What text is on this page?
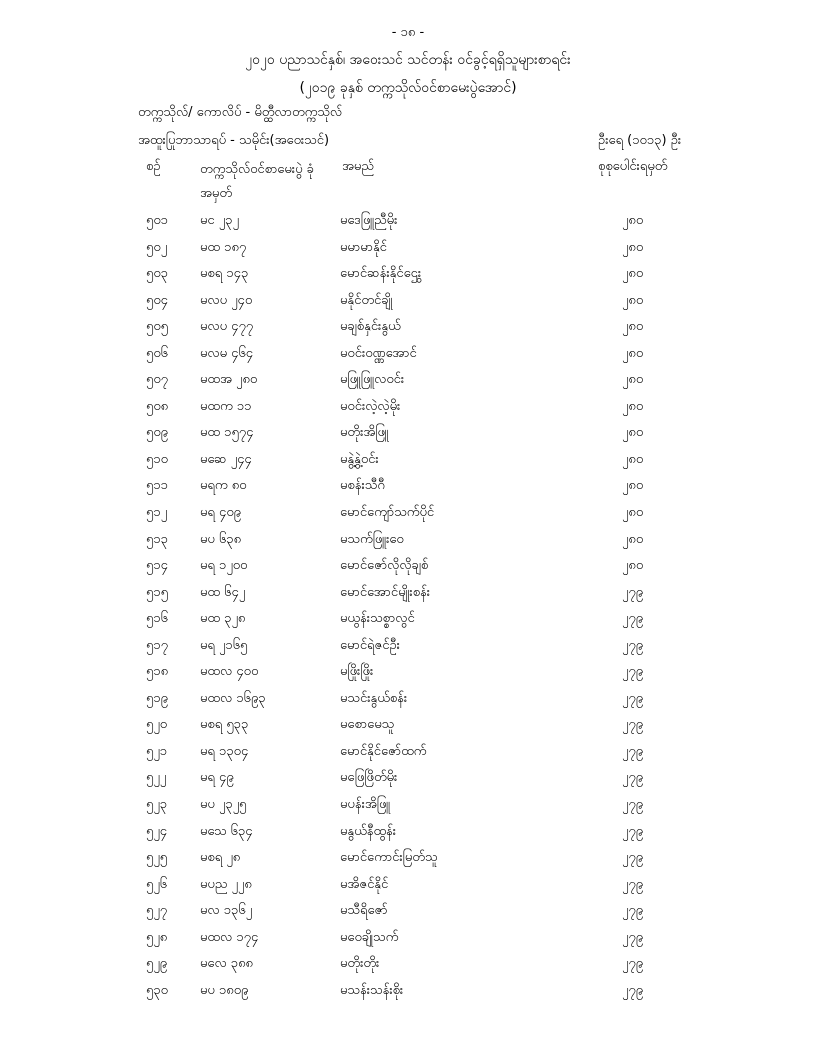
- ၁၈ -
၂၀၂၀ ပညာသင်နှစ်၊ အဝေးသင် သင်တန်း ဝင်ခွင့်ရရှိသူများစာရင်း
(၂၀၁၉ ခုနှစ် တက္ကသိုလ်ဝင်စာမေးပွဲအောင်)
တက္ကသိုလ်/ ကောလိပ် - မိတ္ထီလာတက္ကသိုလ်
အထူးပြုဘာသာရပ် - သမိုင်း(အဝေးသင်)	ဦးရေ (၁၀၁၃) ဦး
စဉ်	တက္ကသိုလ်ဝင်စာမေးပွဲ ခုံအမှတ်
အမည်	စုစုပေါင်းရမှတ်
၅၀၁ မင ၂၃၂	မဒေဖြူညီမိုး	၂၈၀
၅၀၂	မထ ၁၈၇	မမာမာနိုင်	၂၈၀
၅၀၃ မစရ ၁၄၃	မောင်ဆန်းနိုင်ဌွေး	၂၈၀
၅၀၄ မလပ ၂၄၀	မနိုင်တင်ချို	၂၈၀
၅၀၅ မလပ ၄၇၇	မချစ်နှင်းနွယ်	၂၈၀
၅၀၆ မလမ ၄၆၄	မဝင်းဝဏ္ဏအောင်	၂၈၀
၅၀၇ မထအ ၂၈၀	မဖြူဖြူလဝင်း	၂၈၀
၅၀၈ မထက ၁၁	မဝင်းလဲ့လဲ့မိုး	၂၈၀
၅၀၉ မထ ၁၅၇၄	မတိုးအိဖြူ	၂၈၀
၅၁၀ မဆေ ၂၄၄	မနွဲ့နွဲ့ဝင်း	၂၈၀
၅၁၁ မရက ၈၀	မစန်းသီဂီ	၂၈၀
၅၁၂	မရ ၄၀၉	မောင်ကျော်သက်ပိုင်	၂၈၀
၅၁၃ မပ ၆၃၈	မသက်ဖြူးဝေ	၂၈၀
၅၁၄ မရ ၁၂၀၀	မောင်ဇော်လိုလိုချစ်	၂၈၀
၅၁၅ မထ ၆၄၂	မောင်အောင်မျိုးစန်း	၂၇၉
၅၁၆ မထ ၃၂၈	မယွန်းသစ္စာလွင်	၂၇၉
၅၁၇ မရ ၂၁၆၅	မောင်ရဲဇင်ဦး	၂၇၉
၅၁၈ မထလ ၄၀၀	မဖြိုးဖြိုး	၂၇၉
၅၁၉ မထလ ၁၆၉၃	မသင်းနွယ်စန်း	၂၇၉
၅၂၀	မစရ ၅၃၃	မစောမေသူ	၂၇၉
၅၂၁	မရ ၁၃၀၄	မောင်နိုင်ဇော်ထက်	၂၇၉
၅၂၂	မရ ၄၉	မဖြေဖြိတ်မိုး	၂၇၉
၅၂၃	မပ ၂၃၂၅	မပန်းအိဖြူ	၂၇၉
၅၂၄	မသေ ၆၃၄	မနွယ်နီထွန်း	၂၇၉
၅၂၅	မစရ ၂၈	မောင်ကောင်းမြတ်သူ	၂၇၉
၅၂၆	မပည ၂၂၈	မအိဇင်နိုင်	၂၇၉
၅၂၇	မလ ၁၃၆၂	မသီရိဇော်	၂၇၉
၅၂၈	မထလ ၁၇၄	မဝေချိုသက်	၂၇၉
၅၂၉	မလေ ၃၈၈	မတိုးတိုး	၂၇၉
၅၃၀ မပ ၁၈၀၉	မသန်းသန်းစိုး	၂၇၉
